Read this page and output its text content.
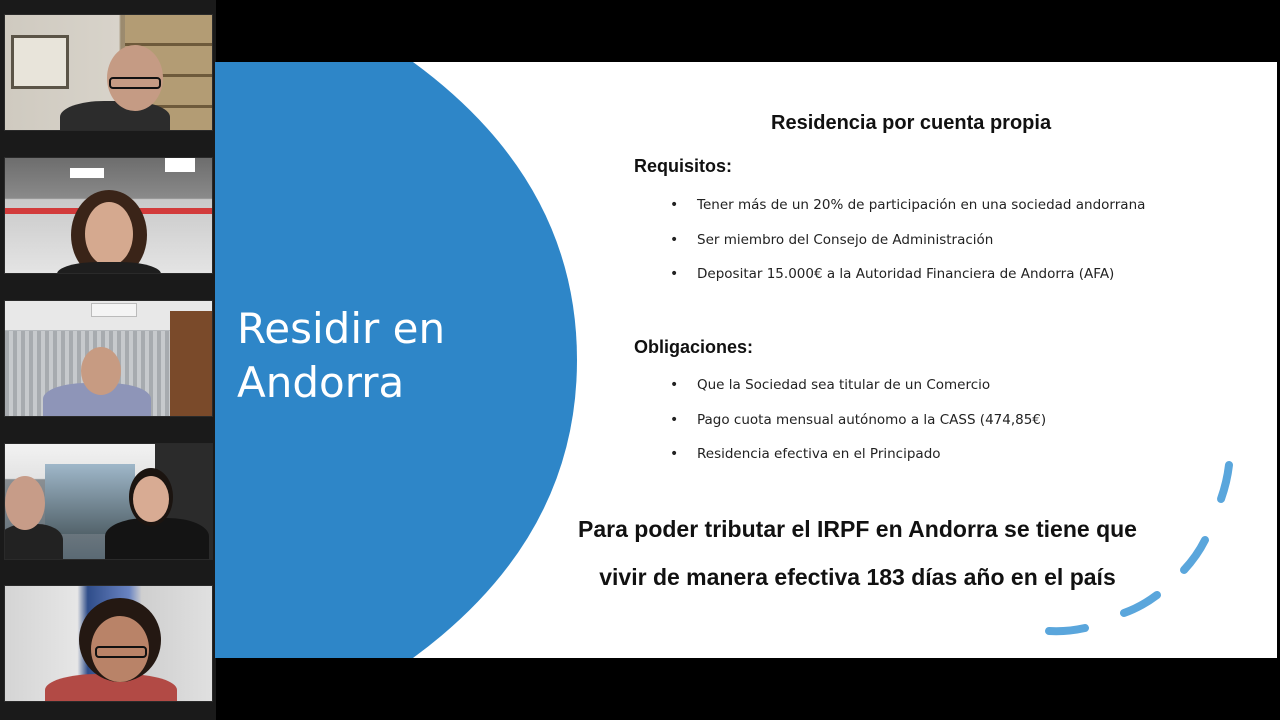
Residir en
Andorra
Residencia por cuenta propia
Requisitos:
• Tener más de un 20% de participación en una sociedad andorrana
• Ser miembro del Consejo de Administración
• Depositar 15.000€ a la Autoridad Financiera de Andorra (AFA)
Obligaciones:
• Que la Sociedad sea titular de un Comercio
• Pago cuota mensual autónomo a la CASS (474,85€)
• Residencia efectiva en el Principado

Para poder tributar el IRPF en Andorra se tiene que
vivir de manera efectiva 183 días año en el país
